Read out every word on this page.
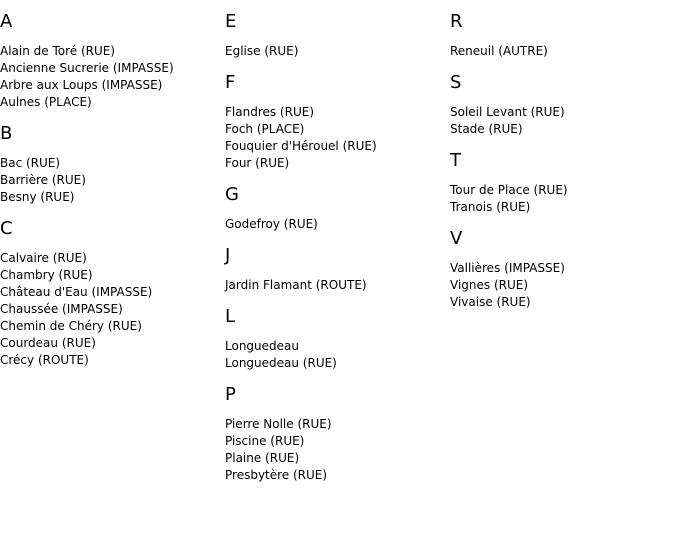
A
Alain de Toré (RUE)
Ancienne Sucrerie (IMPASSE)
Arbre aux Loups (IMPASSE)
Aulnes (PLACE)
B
Bac (RUE)
Barrière (RUE)
Besny (RUE)
C
Calvaire (RUE)
Chambry (RUE)
Château d'Eau (IMPASSE)
Chaussée (IMPASSE)
Chemin de Chéry (RUE)
Courdeau (RUE)
Crécy (ROUTE)
E
Eglise (RUE)
F
Flandres (RUE)
Foch (PLACE)
Fouquier d'Hérouel (RUE)
Four (RUE)
G
Godefroy (RUE)
J
Jardin Flamant (ROUTE)
L
Longuedeau
Longuedeau (RUE)
P
Pierre Nolle (RUE)
Piscine (RUE)
Plaine (RUE)
Presbytère (RUE)
R
Reneuil (AUTRE)
S
Soleil Levant (RUE)
Stade (RUE)
T
Tour de Place (RUE)
Tranois (RUE)
V
Vallières (IMPASSE)
Vignes (RUE)
Vivaise (RUE)
